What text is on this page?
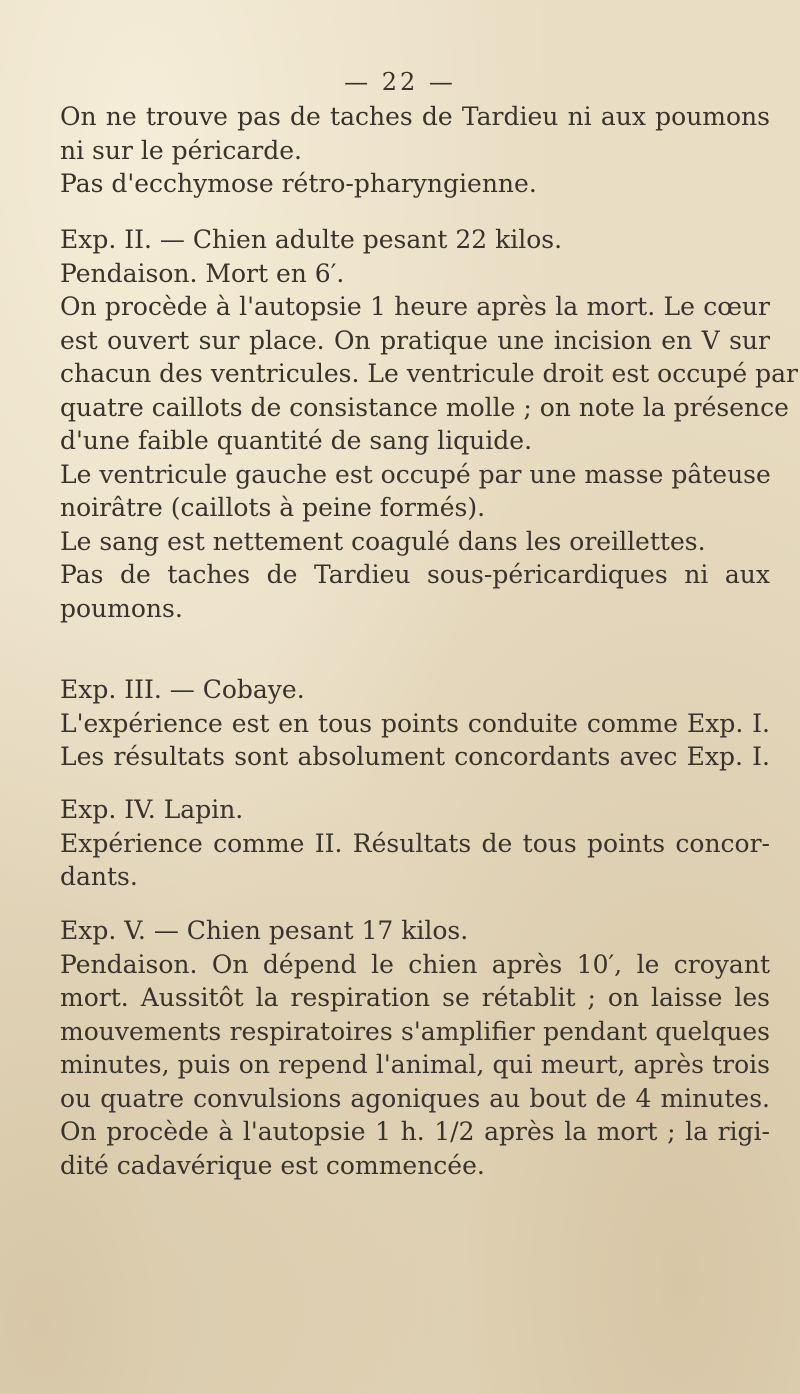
— 22 —
On ne trouve pas de taches de Tardieu ni aux poumons
ni sur le péricarde.
Pas d'ecchymose rétro-pharyngienne.
Exp. II. — Chien adulte pesant 22 kilos.
Pendaison. Mort en 6′.
On procède à l'autopsie 1 heure après la mort. Le cœur
est ouvert sur place. On pratique une incision en V sur
chacun des ventricules. Le ventricule droit est occupé par
quatre caillots de consistance molle ; on note la présence
d'une faible quantité de sang liquide.
Le ventricule gauche est occupé par une masse pâteuse
noirâtre (caillots à peine formés).
Le sang est nettement coagulé dans les oreillettes.
Pas de taches de Tardieu sous-péricardiques ni aux
poumons.
Exp. III. — Cobaye.
L'expérience est en tous points conduite comme Exp. I.
Les résultats sont absolument concordants avec Exp. I.
Exp. IV. Lapin.
Expérience comme II. Résultats de tous points concor-
dants.
Exp. V. — Chien pesant 17 kilos.
Pendaison. On dépend le chien après 10′, le croyant
mort. Aussitôt la respiration se rétablit ; on laisse les
mouvements respiratoires s'amplifier pendant quelques
minutes, puis on repend l'animal, qui meurt, après trois
ou quatre convulsions agoniques au bout de 4 minutes.
On procède à l'autopsie 1 h. 1/2 après la mort ; la rigi-
dité cadavérique est commencée.
